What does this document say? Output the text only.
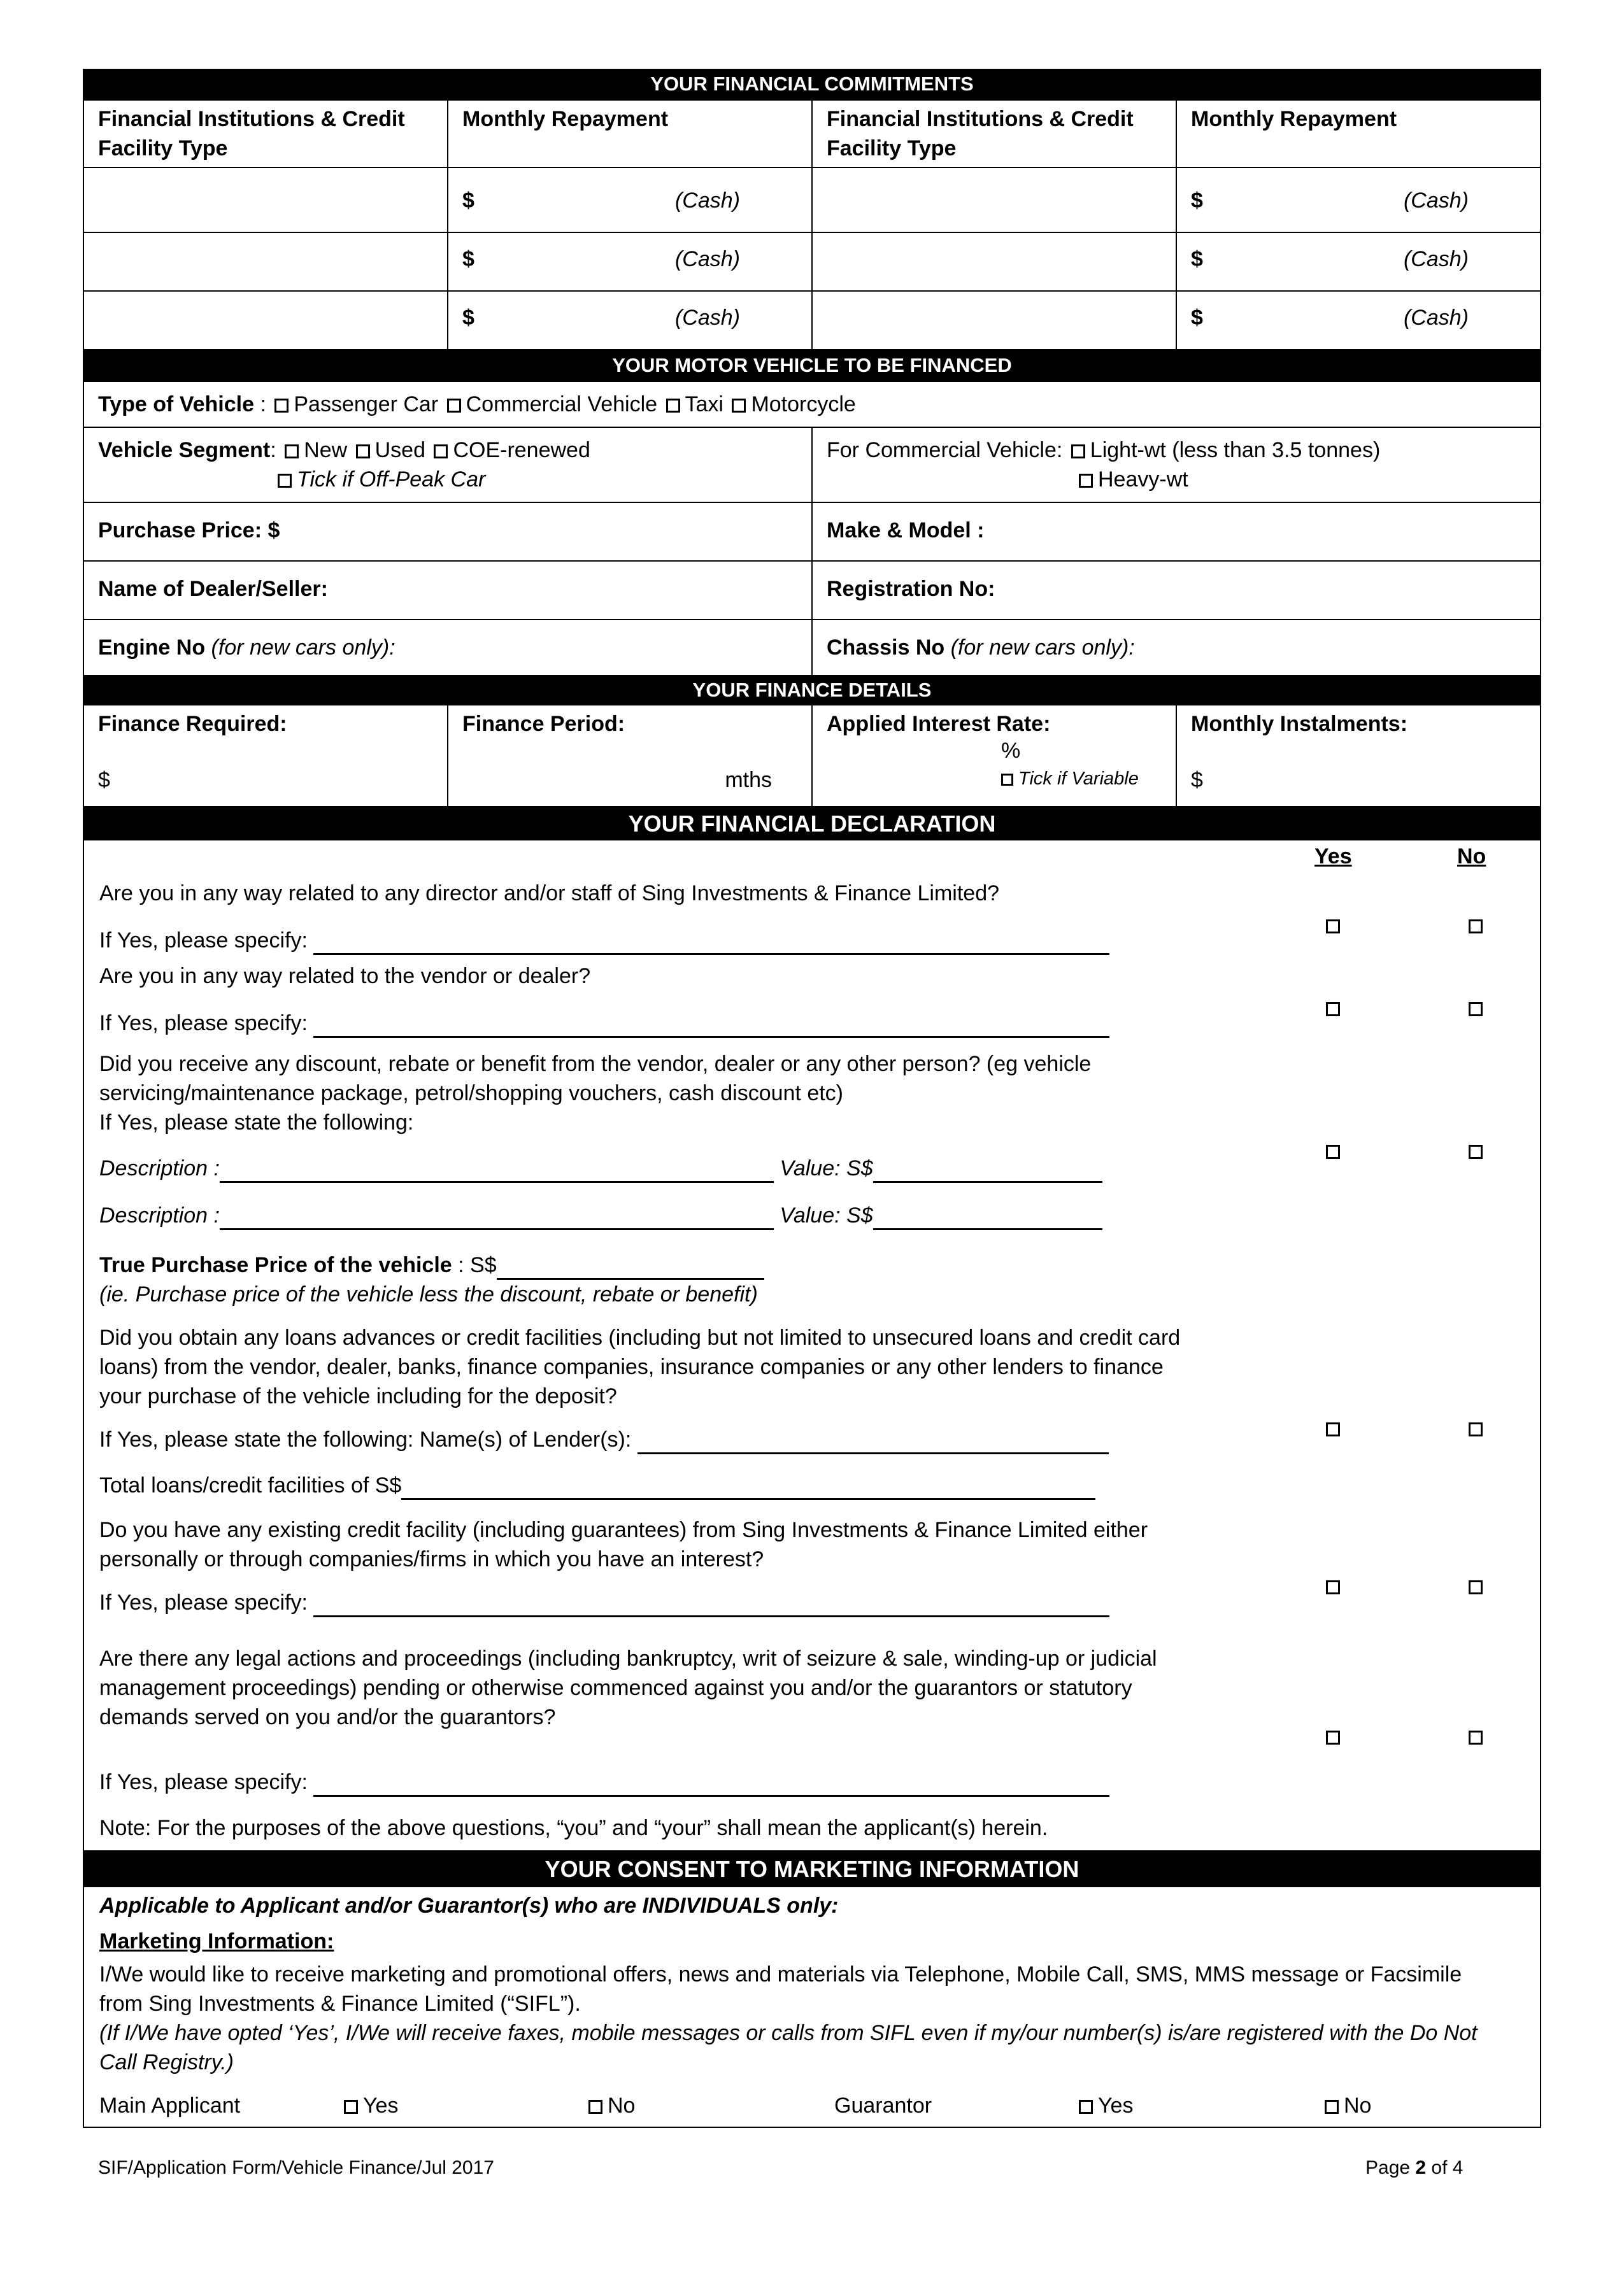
YOUR FINANCIAL COMMITMENTS
Financial Institutions & Credit Facility Type	Monthly Repayment	Financial Institutions & Credit Facility Type	Monthly Repayment

	$ (Cash)		$ (Cash)

	$ (Cash)		$ (Cash)

	$ (Cash)		$ (Cash)
YOUR MOTOR VEHICLE TO BE FINANCED
Type of Vehicle : Passenger Car Commercial Vehicle Taxi Motorcycle	
Vehicle Segment: New Used COE-renewed
Tick if Off-Peak Car	For Commercial Vehicle: Light-wt (less than 3.5 tonnes)
Heavy-wt
Purchase Price: $	Make & Model :
Name of Dealer/Seller:	Registration No:
Engine No (for new cars only):	Chassis No (for new cars only):
YOUR FINANCE DETAILS
Finance Required:
$
	Finance Period:
mths
	Applied Interest Rate:
%
Tick if Variable
	Monthly Instalments:
$
YOUR FINANCIAL DECLARATION
Yes	No
Are you in any way related to any director and/or staff of Sing Investments & Finance Limited?
If Yes, please specify:
Are you in any way related to the vendor or dealer?
If Yes, please specify:
Did you receive any discount, rebate or benefit from the vendor, dealer or any other person? (eg vehicle
servicing/maintenance package, petrol/shopping vouchers, cash discount etc)
If Yes, please state the following:
Description :	Value: S$
Description :	Value: S$
True Purchase Price of the vehicle : S$
(ie. Purchase price of the vehicle less the discount, rebate or benefit)
Did you obtain any loans advances or credit facilities (including but not limited to unsecured loans and credit card
loans) from the vendor, dealer, banks, finance companies, insurance companies or any other lenders to finance
your purchase of the vehicle including for the deposit?
If Yes, please state the following: Name(s) of Lender(s):
Total loans/credit facilities of S$
Do you have any existing credit facility (including guarantees) from Sing Investments & Finance Limited either
personally or through companies/firms in which you have an interest?
If Yes, please specify:
Are there any legal actions and proceedings (including bankruptcy, writ of seizure & sale, winding-up or judicial
management proceedings) pending or otherwise commenced against you and/or the guarantors or statutory
demands served on you and/or the guarantors?
If Yes, please specify:
Note: For the purposes of the above questions, “you” and “your” shall mean the applicant(s) herein.
YOUR CONSENT TO MARKETING INFORMATION
Applicable to Applicant and/or Guarantor(s) who are INDIVIDUALS only:
Marketing Information:
I/We would like to receive marketing and promotional offers, news and materials via Telephone, Mobile Call, SMS, MMS message or Facsimile
from Sing Investments & Finance Limited (“SIFL”).
(If I/We have opted ‘Yes’, I/We will receive faxes, mobile messages or calls from SIFL even if my/our number(s) is/are registered with the Do Not
Call Registry.)
Main Applicant	Yes	No	Guarantor	Yes	No
SIF/Application Form/Vehicle Finance/Jul 2017	Page 2 of 4
